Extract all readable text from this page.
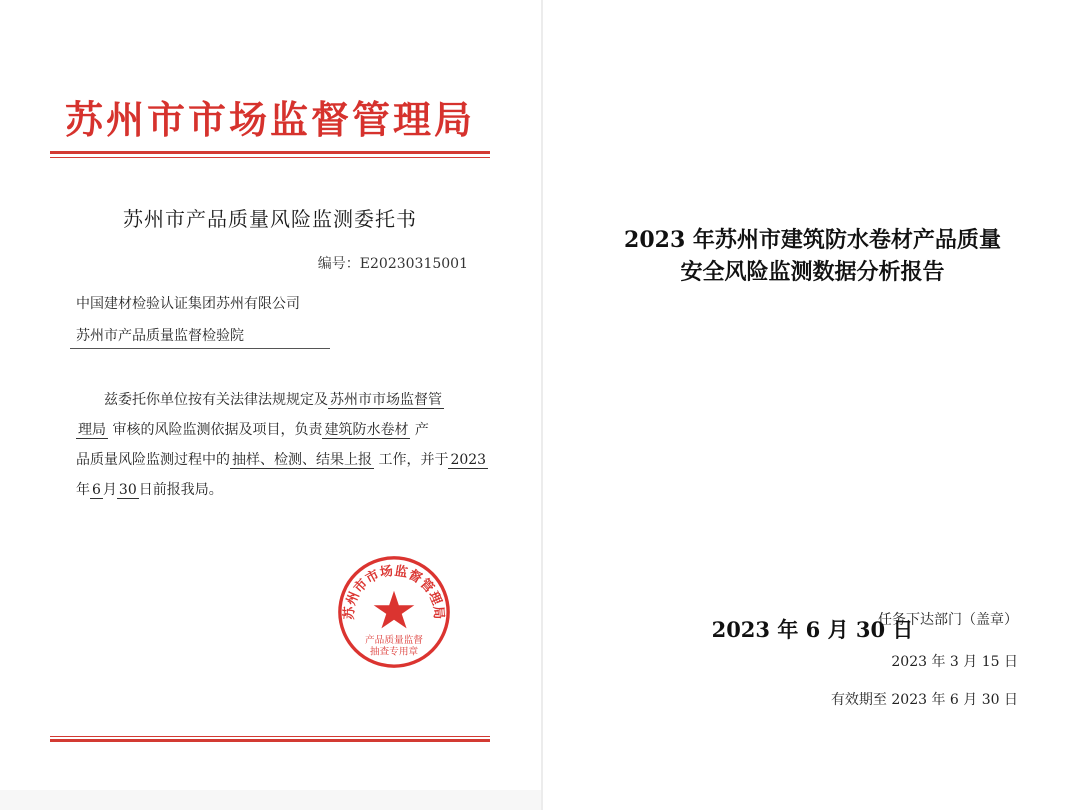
苏州市市场监督管理局
苏州市产品质量风险监测委托书
编号：E20230315001
中国建材检验认证集团苏州有限公司
苏州市产品质量监督检验院

兹委托你单位按有关法律法规规定及 苏州市市场监督管

理局 审核的风险监测依据及项目，负责 建筑防水卷材 产

品质量风险监测过程中的 抽样、检测、结果上报 工作，并于 2023

年 6 月 30 日前报我局。

任务下达部门（盖章）
2023 年 3 月 15 日
有效期至 2023 年 6 月 30 日
苏州市市场监督管理局
产品质量监督
抽查专用章
2023 年苏州市建筑防水卷材产品质量
安全风险监测数据分析报告
2023 年 6 月 30 日
